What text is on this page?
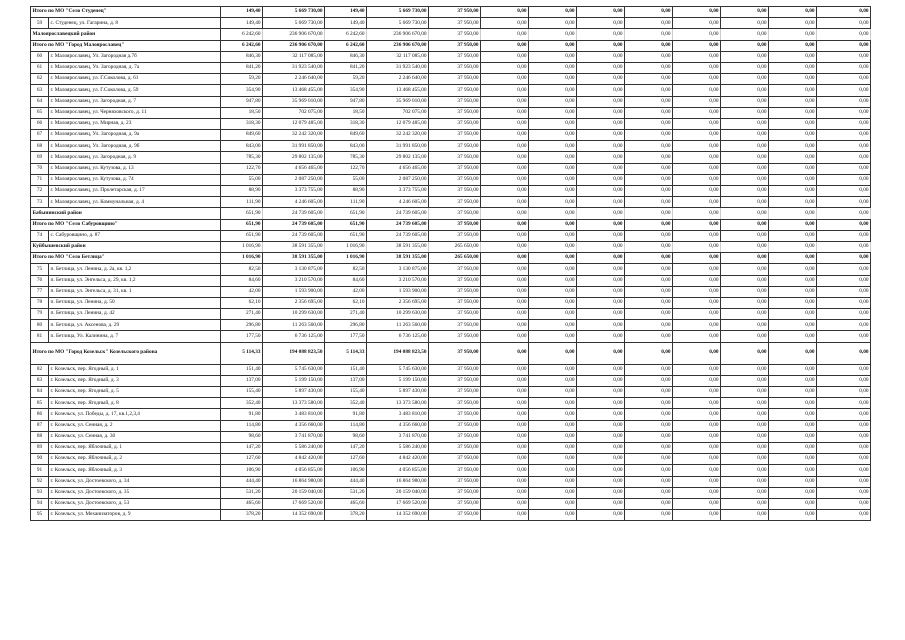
Итого по МО "Село Студенец"		149,40	5 669 730,00	149,40	5 669 730,00	37 950,00	0,00	0,00	0,00	0,00	0,00	0,00	0,00	0,00
59	с. Студенец, ул. Гагарина, д. 8	149,40	5 669 730,00	149,40	5 669 730,00	37 950,00	0,00	0,00	0,00	0,00	0,00	0,00	0,00	0,00
Малоярославецкий район		6 242,60	236 906 670,00	6 242,60	236 906 670,00	37 950,00	0,00	0,00	0,00	0,00	0,00	0,00	0,00	0,00
Итого по МО "Город Малоярославец"		6 242,60	236 906 670,00	6 242,60	236 906 670,00	37 950,00	0,00	0,00	0,00	0,00	0,00	0,00	0,00	0,00
60	г. Малоярославец, Ул. Загородная д.7б	846,30	32 117 085,00	846,30	32 117 085,00	37 950,00	0,00	0,00	0,00	0,00	0,00	0,00	0,00	0,00
61	г. Малоярославец, Ул. Загородная, д. 7а	841,20	31 923 540,00	841,20	31 923 540,00	37 950,00	0,00	0,00	0,00	0,00	0,00	0,00	0,00	0,00
62	г. Малоярославец, ул. Г.Соколова, д. 61	59,20	2 246 640,00	59,20	2 246 640,00	37 950,00	0,00	0,00	0,00	0,00	0,00	0,00	0,00	0,00
63	г. Малоярославец, ул. Г.Соколова, д. 59	354,90	13 468 455,00	354,90	13 468 455,00	37 950,00	0,00	0,00	0,00	0,00	0,00	0,00	0,00	0,00
64	г. Малоярославец, ул. Загородная, д. 7	947,80	35 969 010,00	947,80	35 969 010,00	37 950,00	0,00	0,00	0,00	0,00	0,00	0,00	0,00	0,00
65	г. Малоярославец, ул. Черняховского, д. 11	18,50	702 075,00	18,50	702 075,00	37 950,00	0,00	0,00	0,00	0,00	0,00	0,00	0,00	0,00
66	г. Малоярославец, ул. Мирная, д. 23	318,30	12 079 485,00	318,30	12 079 485,00	37 950,00	0,00	0,00	0,00	0,00	0,00	0,00	0,00	0,00
67	г. Малоярославец, Ул. Загородная, д. 9а	849,60	32 242 320,00	849,60	32 242 320,00	37 950,00	0,00	0,00	0,00	0,00	0,00	0,00	0,00	0,00
68	г. Малоярославец, Ул. Загородная, д. 9б	843,00	31 991 850,00	843,00	31 991 850,00	37 950,00	0,00	0,00	0,00	0,00	0,00	0,00	0,00	0,00
69	г. Малоярославец, ул. Загородная, д. 9	785,30	29 802 135,00	785,30	29 802 135,00	37 950,00	0,00	0,00	0,00	0,00	0,00	0,00	0,00	0,00
70	г. Малоярославец, ул. Кутузова, д. 13	122,70	4 656 465,00	122,70	4 656 465,00	37 950,00	0,00	0,00	0,00	0,00	0,00	0,00	0,00	0,00
71	г. Малоярославец, ул. Кутузова, д. 74	55,00	2 087 250,00	55,00	2 087 250,00	37 950,00	0,00	0,00	0,00	0,00	0,00	0,00	0,00	0,00
72	г. Малоярославец, ул. Пролетарская, д. 17	88,90	3 373 755,00	88,90	3 373 755,00	37 950,00	0,00	0,00	0,00	0,00	0,00	0,00	0,00	0,00
73	г. Малоярославец, ул. Коммунальная, д. 4	111,90	4 246 605,00	111,90	4 246 605,00	37 950,00	0,00	0,00	0,00	0,00	0,00	0,00	0,00	0,00
Бабынинский район		651,90	24 739 605,00	651,90	24 739 605,00	37 950,00	0,00	0,00	0,00	0,00	0,00	0,00	0,00	0,00
Итого по МО "Село Сабуровщино"		651,90	24 739 605,00	651,90	24 739 605,00	37 950,00	0,00	0,00	0,00	0,00	0,00	0,00	0,00	0,00
74	с. Сабуровщино, д. 87	651,90	24 739 605,00	651,90	24 739 605,00	37 950,00	0,00	0,00	0,00	0,00	0,00	0,00	0,00	0,00
Куйбышевский район		1 016,90	38 591 355,00	1 016,90	38 591 355,00	265 650,00	0,00	0,00	0,00	0,00	0,00	0,00	0,00	0,00
Итого по МО "Село Бетлица"		1 016,90	38 591 355,00	1 016,90	38 591 355,00	265 650,00	0,00	0,00	0,00	0,00	0,00	0,00	0,00	0,00
75	п. Бетлица, ул. Ленина, д. 2а, кв. 1,2	82,50	3 130 875,00	82,50	3 130 875,00	37 950,00	0,00	0,00	0,00	0,00	0,00	0,00	0,00	0,00
76	п. Бетлица, ул. Энгельса, д. 29, кв. 1,2	84,60	3 210 570,00	84,60	3 210 570,00	37 950,00	0,00	0,00	0,00	0,00	0,00	0,00	0,00	0,00
77	п. Бетлица, ул. Энгельса, д. 31, кв. 1	42,00	1 593 900,00	42,00	1 593 900,00	37 950,00	0,00	0,00	0,00	0,00	0,00	0,00	0,00	0,00
78	п. Бетлица, ул. Ленина, д. 50	62,10	2 356 695,00	62,10	2 356 695,00	37 950,00	0,00	0,00	0,00	0,00	0,00	0,00	0,00	0,00
79	п. Бетлица, ул. Ленина, д. 42	271,40	10 299 630,00	271,40	10 299 630,00	37 950,00	0,00	0,00	0,00	0,00	0,00	0,00	0,00	0,00
80	п. Бетлица, ул. Аксенова, д. 29	296,80	11 263 560,00	296,80	11 263 560,00	37 950,00	0,00	0,00	0,00	0,00	0,00	0,00	0,00	0,00
81	п. Бетлица, Ул. Калинина, д. 7	177,50	6 736 125,00	177,50	6 736 125,00	37 950,00	0,00	0,00	0,00	0,00	0,00	0,00	0,00	0,00
Итого по МО "Город Козельск" Козельского района		5 114,33	194 088 823,50	5 114,33	194 088 823,50	37 950,00	0,00	0,00	0,00	0,00	0,00	0,00	0,00	0,00
82	г. Козельск, пер. Ягодный, д. 1	151,40	5 745 630,00	151,40	5 745 630,00	37 950,00	0,00	0,00	0,00	0,00	0,00	0,00	0,00	0,00
83	г. Козельск, пер. Ягодный, д. 3	137,00	5 199 150,00	137,00	5 199 150,00	37 950,00	0,00	0,00	0,00	0,00	0,00	0,00	0,00	0,00
84	г. Козельск, пер. Ягодный, д. 5	155,40	5 897 430,00	155,40	5 897 430,00	37 950,00	0,00	0,00	0,00	0,00	0,00	0,00	0,00	0,00
85	г. Козельск, пер. Ягодный, д. 8	352,40	13 373 580,00	352,40	13 373 580,00	37 950,00	0,00	0,00	0,00	0,00	0,00	0,00	0,00	0,00
86	г. Козельск, ул. Победы, д. 17, кв.1,2,3,4	91,80	3 483 810,00	91,80	3 483 810,00	37 950,00	0,00	0,00	0,00	0,00	0,00	0,00	0,00	0,00
87	г. Козельск, ул. Сенная, д. 2	114,80	4 356 660,00	114,80	4 356 660,00	37 950,00	0,00	0,00	0,00	0,00	0,00	0,00	0,00	0,00
88	г. Козельск, ул. Сенная, д. 30	98,60	3 741 870,00	98,60	3 741 870,00	37 950,00	0,00	0,00	0,00	0,00	0,00	0,00	0,00	0,00
89	г. Козельск, пер. Яблочный, д. 1	147,20	5 586 240,00	147,20	5 586 240,00	37 950,00	0,00	0,00	0,00	0,00	0,00	0,00	0,00	0,00
90	г. Козельск, пер. Яблочный, д. 2	127,60	4 842 420,00	127,60	4 842 420,00	37 950,00	0,00	0,00	0,00	0,00	0,00	0,00	0,00	0,00
91	г. Козельск, пер. Яблочный, д. 3	106,90	4 056 855,00	106,90	4 056 855,00	37 950,00	0,00	0,00	0,00	0,00	0,00	0,00	0,00	0,00
92	г. Козельск, ул. Достоевского, д. 34	444,40	16 864 980,00	444,40	16 864 980,00	37 950,00	0,00	0,00	0,00	0,00	0,00	0,00	0,00	0,00
93	г. Козельск, ул. Достоевского, д. 35	531,20	20 159 040,00	531,20	20 159 040,00	37 950,00	0,00	0,00	0,00	0,00	0,00	0,00	0,00	0,00
94	г. Козельск, ул. Достоевского, д. 53	465,60	17 669 520,00	465,60	17 669 520,00	37 950,00	0,00	0,00	0,00	0,00	0,00	0,00	0,00	0,00
95	г. Козельск, ул. Механизаторов, д. 9	378,20	14 352 690,00	378,20	14 352 690,00	37 950,00	0,00	0,00	0,00	0,00	0,00	0,00	0,00	0,00
